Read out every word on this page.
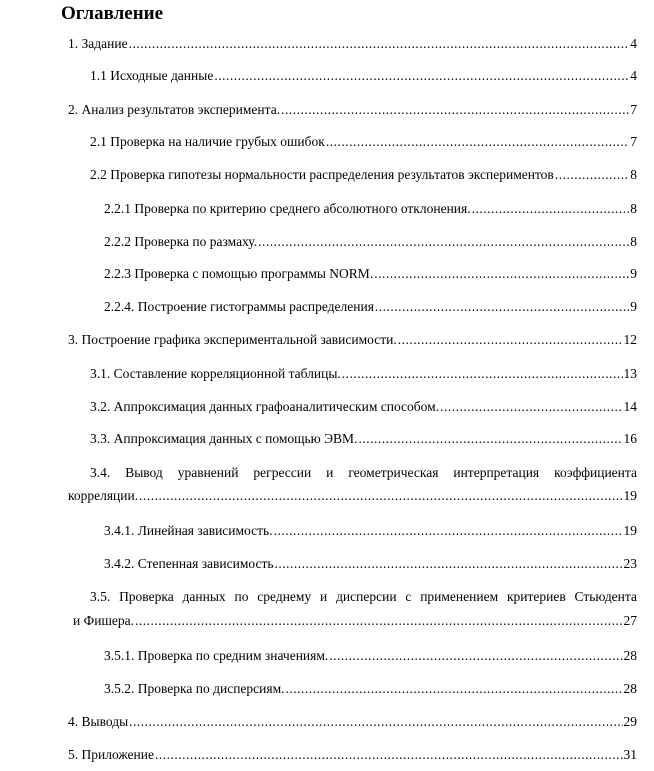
Оглавление
1. Задание .....	4
1.1 Исходные данные .....	4
2. Анализ результатов эксперимента. .....	7
2.1 Проверка на наличие грубых ошибок .....	7
2.2 Проверка гипотезы нормальности распределения результатов экспериментов .....	8
2.2.1 Проверка по критерию среднего абсолютного отклонения. .....	8
2.2.2 Проверка по размаху. .....	8
2.2.3 Проверка с помощью программы NORM. .....	9
2.2.4. Построение гистограммы распределения .....	9
3. Построение графика экспериментальной зависимости. .....	12
3.1. Составление корреляционной таблицы. .....	13
3.2. Аппроксимация данных графоаналитическим способом. .....	14
3.3. Аппроксимация данных с помощью ЭВМ. .....	16
3.4. Вывод уравнений регрессии и геометрическая интерпретация коэффициента
корреляции. .....	19
3.4.1. Линейная зависимость. .....	19
3.4.2. Степенная зависимость .....	23
3.5. Проверка данных по среднему и дисперсии с применением критериев Стьюдента
и Фишера. .....	27
3.5.1. Проверка по средним значениям. .....	28
3.5.2. Проверка по дисперсиям. .....	28
4. Выводы .....	29
5. Приложение .....	31
